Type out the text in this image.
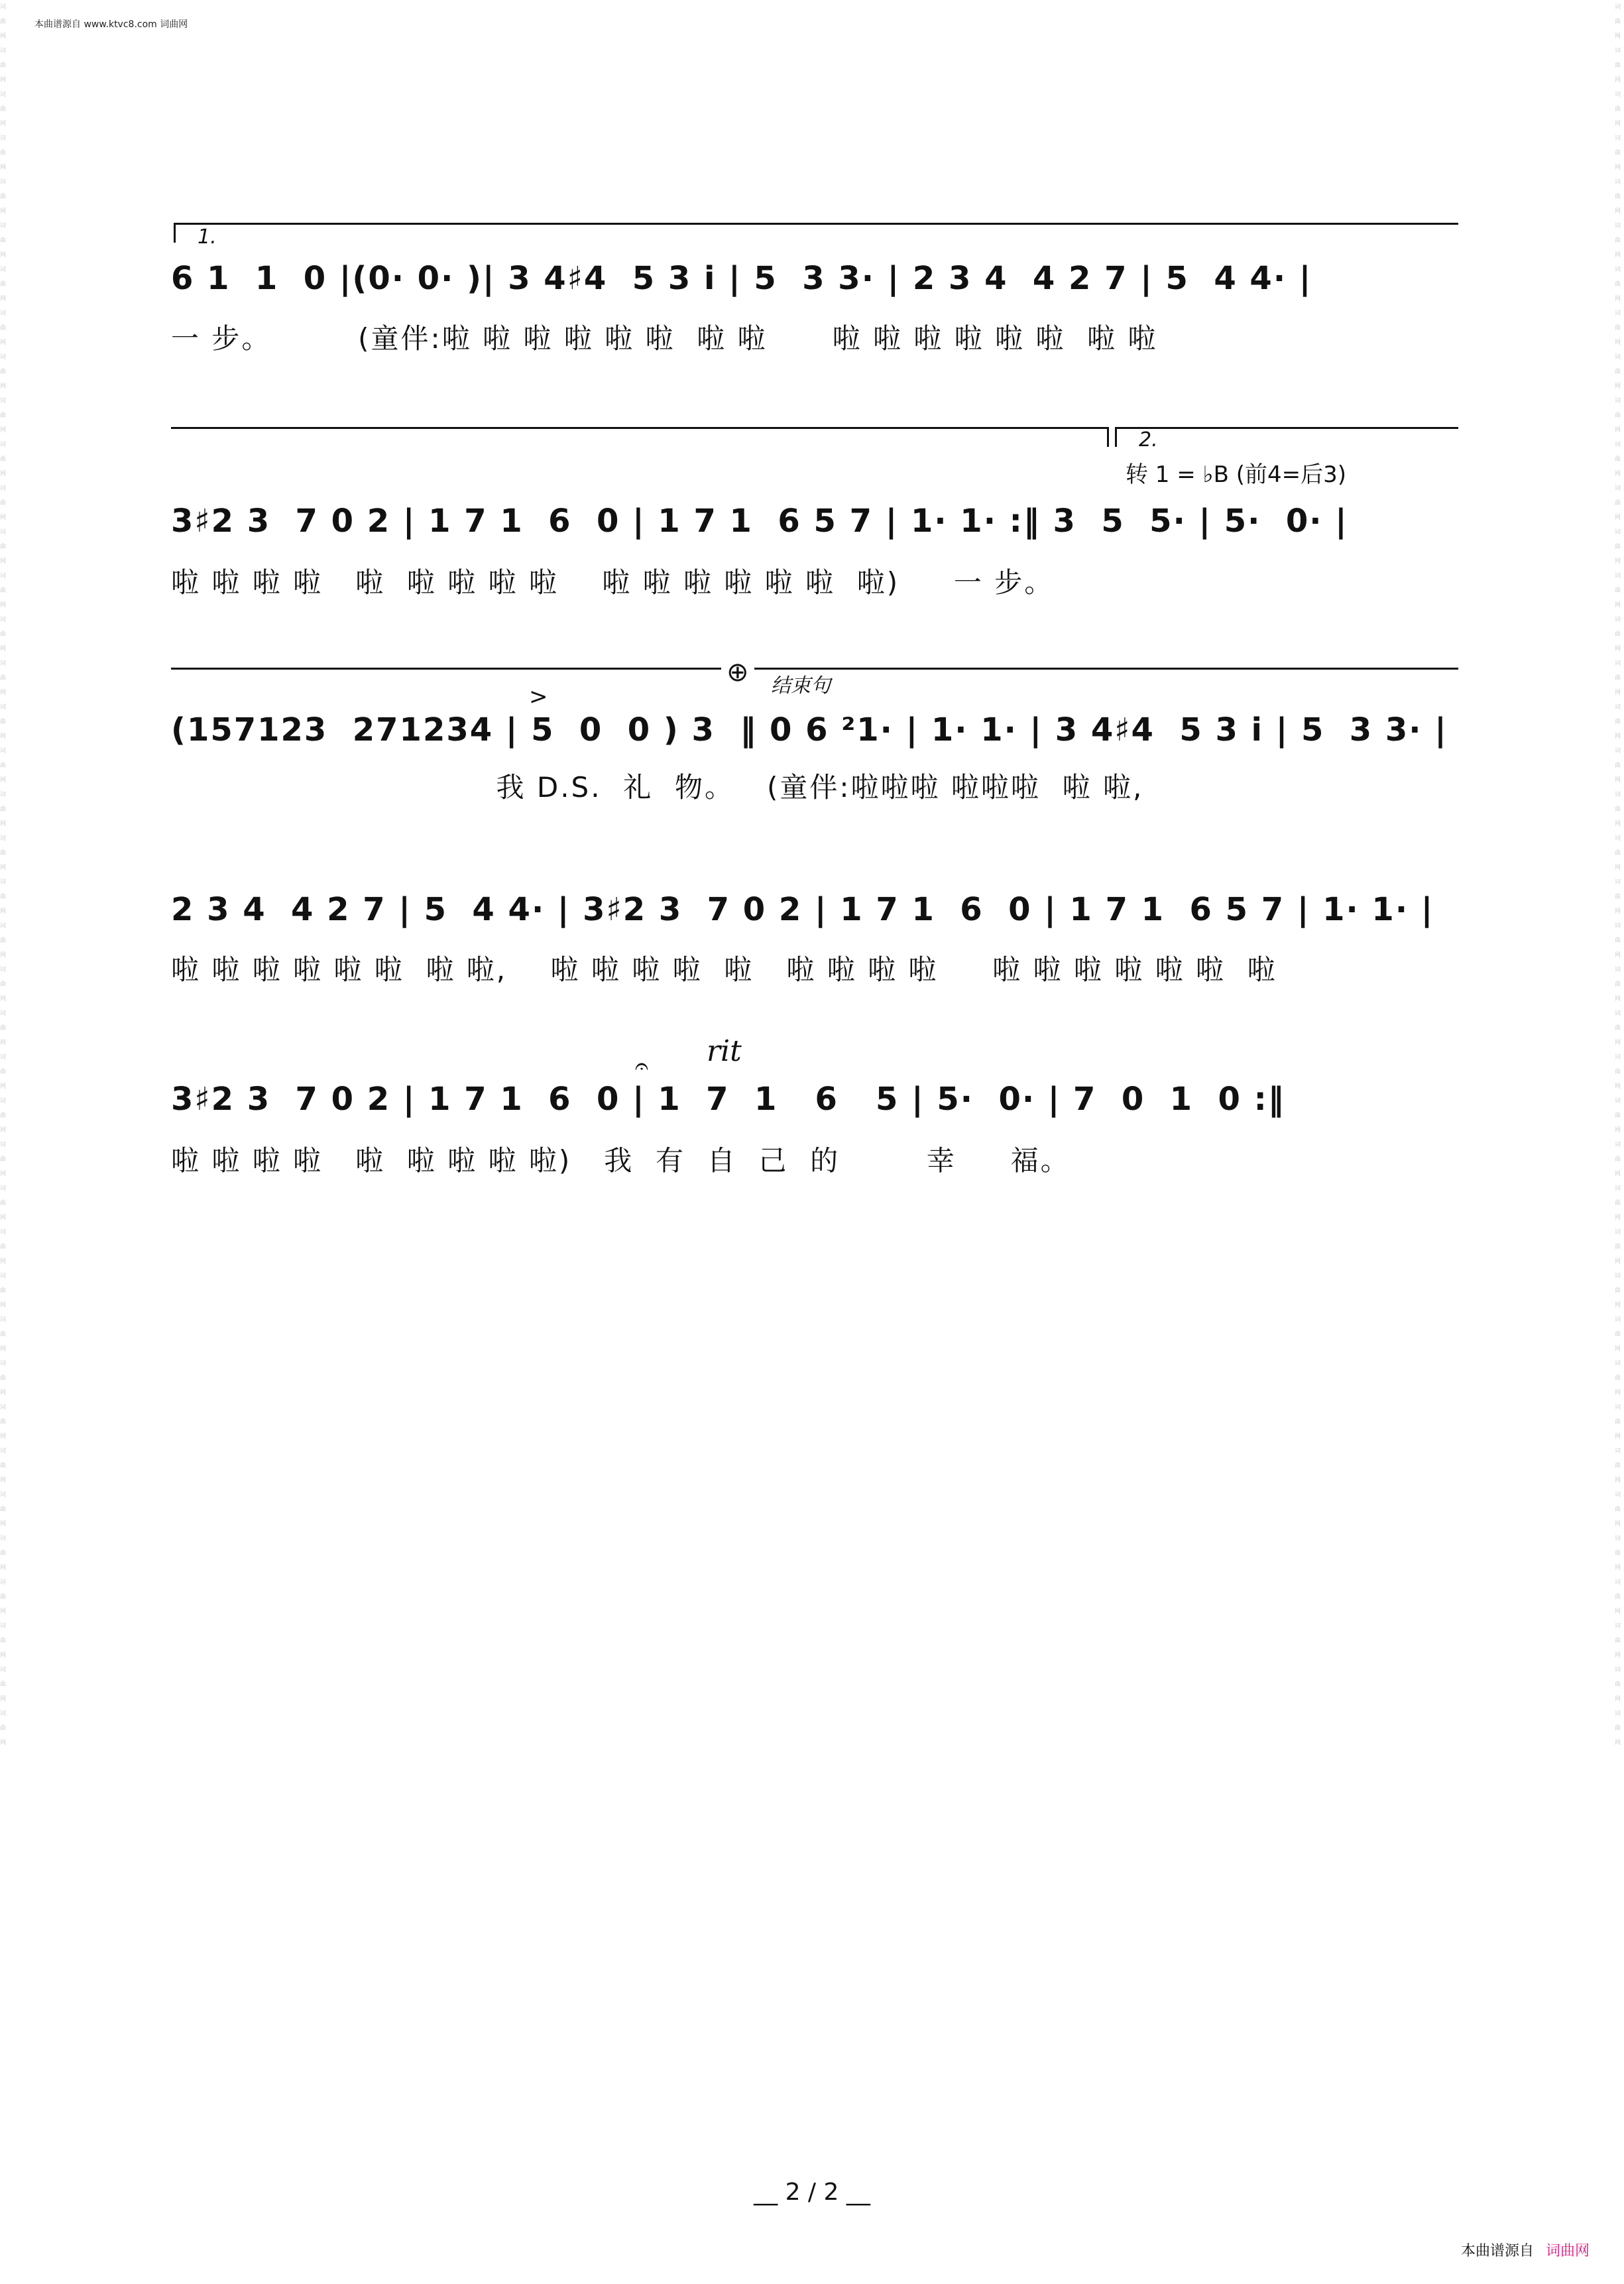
本曲谱源自 www.ktvc8.com 词曲网
词曲网词曲网词曲网词曲网词曲网词曲网词曲网词曲网词曲网词曲网词曲网词曲网词曲网词曲网词曲网词曲网词曲网词曲网词曲网词曲网词曲网词曲网词曲网词曲网词曲网词曲网词曲网词曲网词曲网词曲网词曲网词曲网词曲网词曲网词曲网词曲网词曲网词曲网词曲网词曲网
词曲网词曲网词曲网词曲网词曲网词曲网词曲网词曲网词曲网词曲网词曲网词曲网词曲网词曲网词曲网词曲网词曲网词曲网词曲网词曲网词曲网词曲网词曲网词曲网词曲网词曲网词曲网词曲网词曲网词曲网词曲网词曲网词曲网词曲网词曲网词曲网词曲网词曲网词曲网词曲网
1.
6 1  1  0 |(0· 0· )| 3 4♯4  5 3 i | 5  3 3· | 2 3 4  4 2 7 | 5  4 4· |
一 步。        (童伴:啦 啦 啦 啦 啦 啦  啦 啦      啦 啦 啦 啦 啦 啦  啦 啦
2.
转 1 = ♭B (前4=后3)
3♯2 3  7 0 2 | 1 7 1  6  0 | 1 7 1  6 5 7 | 1· 1· :‖ 3  5  5· | 5·  0· |
啦 啦 啦 啦   啦  啦 啦 啦 啦    啦 啦 啦 啦 啦 啦  啦)     一 步。
⊕ 结束句
>
(157123  271234 | 5  0  0 ) 3  ‖ 0 6 ²1· | 1· 1· | 3 4♯4  5 3 i | 5  3 3· |
我 D.S.  礼  物。   (童伴:啦啦啦 啦啦啦  啦 啦,
2 3 4  4 2 7 | 5  4 4· | 3♯2 3  7 0 2 | 1 7 1  6  0 | 1 7 1  6 5 7 | 1· 1· |
啦 啦 啦 啦 啦 啦  啦 啦,    啦 啦 啦 啦  啦   啦 啦 啦 啦     啦 啦 啦 啦 啦 啦  啦
rit
𝄐
3♯2 3  7 0 2 | 1 7 1  6  0 | 1  7  1   6   5 | 5·  0· | 7  0  1  0 :‖
啦 啦 啦 啦   啦  啦 啦 啦 啦)   我  有  自  己  的        幸     福。
__ 2 / 2 __
本曲谱源自 词曲网
